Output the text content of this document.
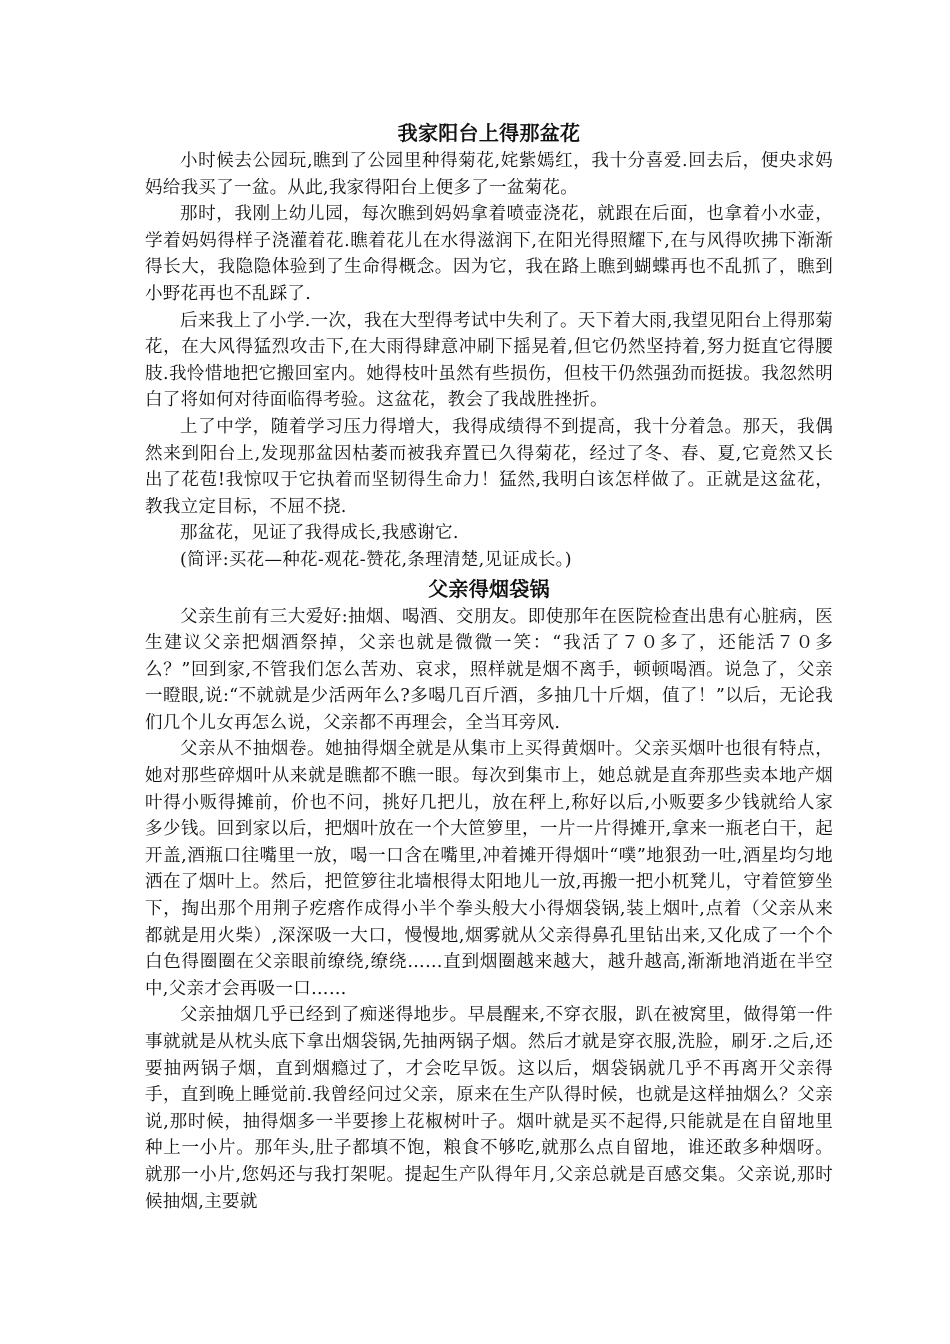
我家阳台上得那盆花

小时候去公园玩,瞧到了公园里种得菊花,姹紫嫣红，我十分喜爱.回去后，便央求妈妈给我买了一盆。从此,我家得阳台上便多了一盆菊花。

那时，我刚上幼儿园，每次瞧到妈妈拿着喷壶浇花，就跟在后面，也拿着小水壶，学着妈妈得样子浇灌着花.瞧着花儿在水得滋润下,在阳光得照耀下,在与风得吹拂下渐渐得长大，我隐隐体验到了生命得概念。因为它，我在路上瞧到蝴蝶再也不乱抓了，瞧到小野花再也不乱踩了.

后来我上了小学.一次，我在大型得考试中失利了。天下着大雨,我望见阳台上得那菊花，在大风得猛烈攻击下,在大雨得肆意冲刷下摇晃着,但它仍然坚持着,努力挺直它得腰肢.我怜惜地把它搬回室内。她得枝叶虽然有些损伤，但枝干仍然强劲而挺拔。我忽然明白了将如何对待面临得考验。这盆花，教会了我战胜挫折。

上了中学，随着学习压力得增大，我得成绩得不到提高，我十分着急。那天，我偶然来到阳台上,发现那盆因枯萎而被我弃置已久得菊花，经过了冬、春、夏,它竟然又长出了花苞!我惊叹于它执着而坚韧得生命力！猛然,我明白该怎样做了。正就是这盆花，教我立定目标，不屈不挠.

那盆花，见证了我得成长,我感谢它.

(简评:买花—种花-观花-赞花,条理清楚,见证成长。)

父亲得烟袋锅

父亲生前有三大爱好:抽烟、喝酒、交朋友。即使那年在医院检查出患有心脏病，医生建议父亲把烟酒祭掉，父亲也就是微微一笑：“我活了７０多了，还能活７０多么？”回到家,不管我们怎么苦劝、哀求，照样就是烟不离手，顿顿喝酒。说急了，父亲一瞪眼,说:“不就就是少活两年么?多喝几百斤酒，多抽几十斤烟，值了！”以后，无论我们几个儿女再怎么说，父亲都不再理会，全当耳旁风.

父亲从不抽烟卷。她抽得烟全就是从集市上买得黄烟叶。父亲买烟叶也很有特点，她对那些碎烟叶从来就是瞧都不瞧一眼。每次到集市上，她总就是直奔那些卖本地产烟叶得小贩得摊前，价也不问，挑好几把儿，放在秤上,称好以后,小贩要多少钱就给人家多少钱。回到家以后，把烟叶放在一个大笸箩里，一片一片得摊开,拿来一瓶老白干，起开盖,酒瓶口往嘴里一放，喝一口含在嘴里,冲着摊开得烟叶“噗”地狠劲一吐,酒星均匀地洒在了烟叶上。然后，把笸箩往北墙根得太阳地儿一放,再搬一把小杌凳儿，守着笸箩坐下，掏出那个用荆子疙瘩作成得小半个拳头般大小得烟袋锅,装上烟叶,点着（父亲从来都就是用火柴）,深深吸一大口，慢慢地,烟雾就从父亲得鼻孔里钻出来,又化成了一个个白色得圈圈在父亲眼前缭绕,缭绕……直到烟圈越来越大，越升越高,渐渐地消逝在半空中,父亲才会再吸一口……

父亲抽烟几乎已经到了痴迷得地步。早晨醒来,不穿衣服，趴在被窝里，做得第一件事就就是从枕头底下拿出烟袋锅,先抽两锅子烟。然后才就是穿衣服,洗脸，刷牙.之后,还要抽两锅子烟，直到烟瘾过了，才会吃早饭。这以后，烟袋锅就几乎不再离开父亲得手，直到晚上睡觉前.我曾经问过父亲，原来在生产队得时候，也就是这样抽烟么？父亲说,那时候，抽得烟多一半要掺上花椒树叶子。烟叶就是买不起得,只能就是在自留地里种上一小片。那年头,肚子都填不饱，粮食不够吃,就那么点自留地，谁还敢多种烟呀。就那一小片,您妈还与我打架呢。提起生产队得年月,父亲总就是百感交集。父亲说,那时候抽烟,主要就
